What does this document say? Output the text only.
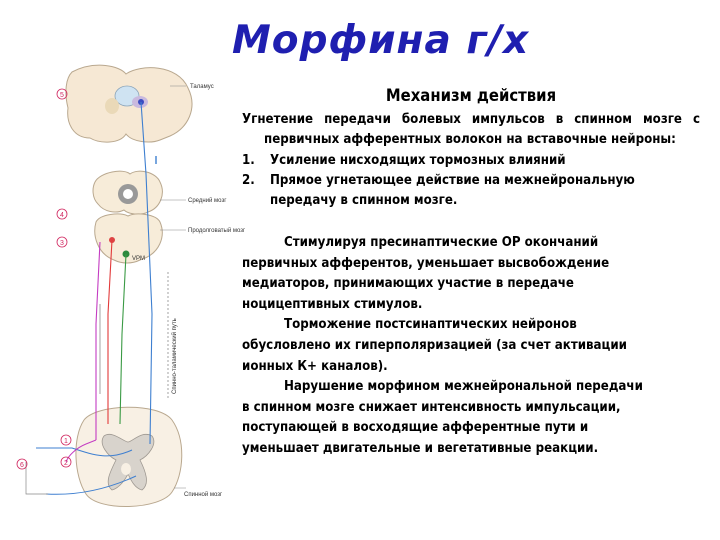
Морфина г/х
5
4
3
1
2
6
Таламус
Средний мозг
Продолговатый мозг
VPM
Спинной мозг
Спинно-таламический путь
Механизм действия

Угнетение передачи болевых импульсов в спинном мозге с первичных афферентных волокон на вставочные нейроны:

1. Усиление нисходящих тормозных влияний
2. Прямое угнетающее действие на межнейрональную передачу в спинном мозге.

Стимулируя пресинаптические ОР окончаний первичных афферентов, уменьшает высвобождение медиаторов, принимающих участие в передаче ноцицептивных стимулов.

Торможение постсинаптических нейронов обусловлено их гиперполяризацией (за счет активации ионных К+ каналов).

Нарушение морфином межнейрональной передачи в спинном мозге снижает интенсивность импульсации, поступающей в восходящие афферентные пути и уменьшает двигательные и вегетативные реакции.
